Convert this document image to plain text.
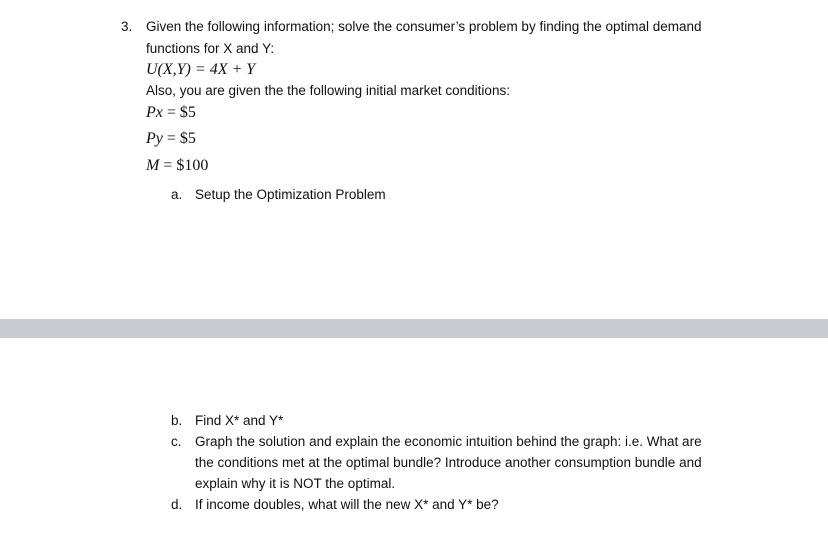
3. Given the following information; solve the consumer’s problem by finding the optimal demand
functions for X and Y:
U(X,Y) = 4X + Y
Also, you are given the the following initial market conditions:
Px = $5
Py = $5
M = $100
a. Setup the Optimization Problem
b. Find X* and Y*
c. Graph the solution and explain the economic intuition behind the graph: i.e. What are
the conditions met at the optimal bundle? Introduce another consumption bundle and
explain why it is NOT the optimal.
d. If income doubles, what will the new X* and Y* be?
